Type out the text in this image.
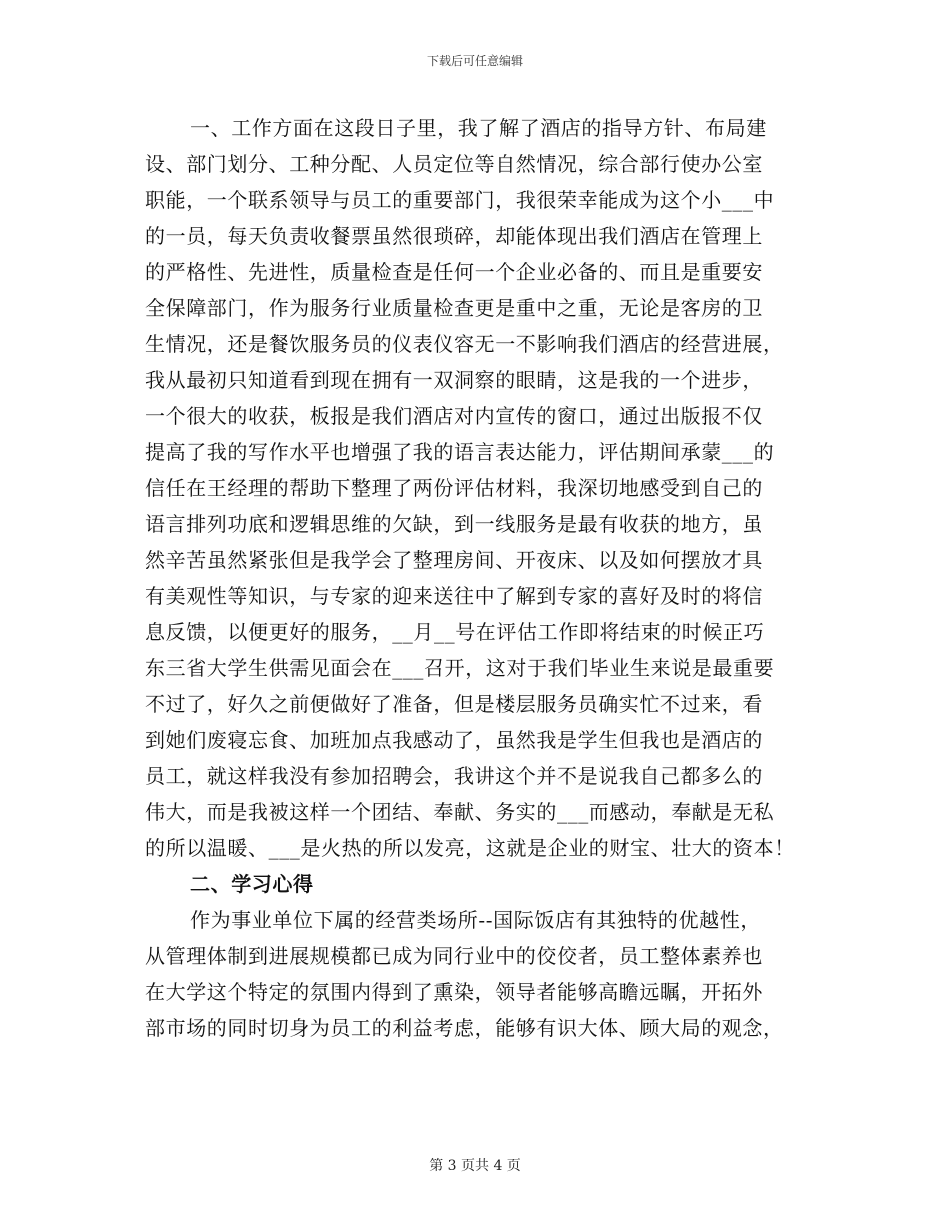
下载后可任意编辑
一、工作方面在这段日子里，我了解了酒店的指导方针、布局建
设、部门划分、工种分配、人员定位等自然情况，综合部行使办公室
职能，一个联系领导与员工的重要部门，我很荣幸能成为这个小___中
的一员，每天负责收餐票虽然很琐碎，却能体现出我们酒店在管理上
的严格性、先进性，质量检查是任何一个企业必备的、而且是重要安
全保障部门，作为服务行业质量检查更是重中之重，无论是客房的卫
生情况，还是餐饮服务员的仪表仪容无一不影响我们酒店的经营进展，
我从最初只知道看到现在拥有一双洞察的眼睛，这是我的一个进步，
一个很大的收获，板报是我们酒店对内宣传的窗口，通过出版报不仅
提高了我的写作水平也增强了我的语言表达能力，评估期间承蒙___的
信任在王经理的帮助下整理了两份评估材料，我深切地感受到自己的
语言排列功底和逻辑思维的欠缺，到一线服务是最有收获的地方，虽
然辛苦虽然紧张但是我学会了整理房间、开夜床、以及如何摆放才具
有美观性等知识，与专家的迎来送往中了解到专家的喜好及时的将信
息反馈，以便更好的服务，__月__号在评估工作即将结束的时候正巧
东三省大学生供需见面会在___召开，这对于我们毕业生来说是最重要
不过了，好久之前便做好了准备，但是楼层服务员确实忙不过来，看
到她们废寝忘食、加班加点我感动了，虽然我是学生但我也是酒店的
员工，就这样我没有参加招聘会，我讲这个并不是说我自己都多么的
伟大，而是我被这样一个团结、奉献、务实的___而感动，奉献是无私
的所以温暖、___是火热的所以发亮，这就是企业的财宝、壮大的资本！
二、学习心得
作为事业单位下属的经营类场所--国际饭店有其独特的优越性，
从管理体制到进展规模都已成为同行业中的佼佼者，员工整体素养也
在大学这个特定的氛围内得到了熏染，领导者能够高瞻远瞩，开拓外
部市场的同时切身为员工的利益考虑，能够有识大体、顾大局的观念，
第 3 页共 4 页
